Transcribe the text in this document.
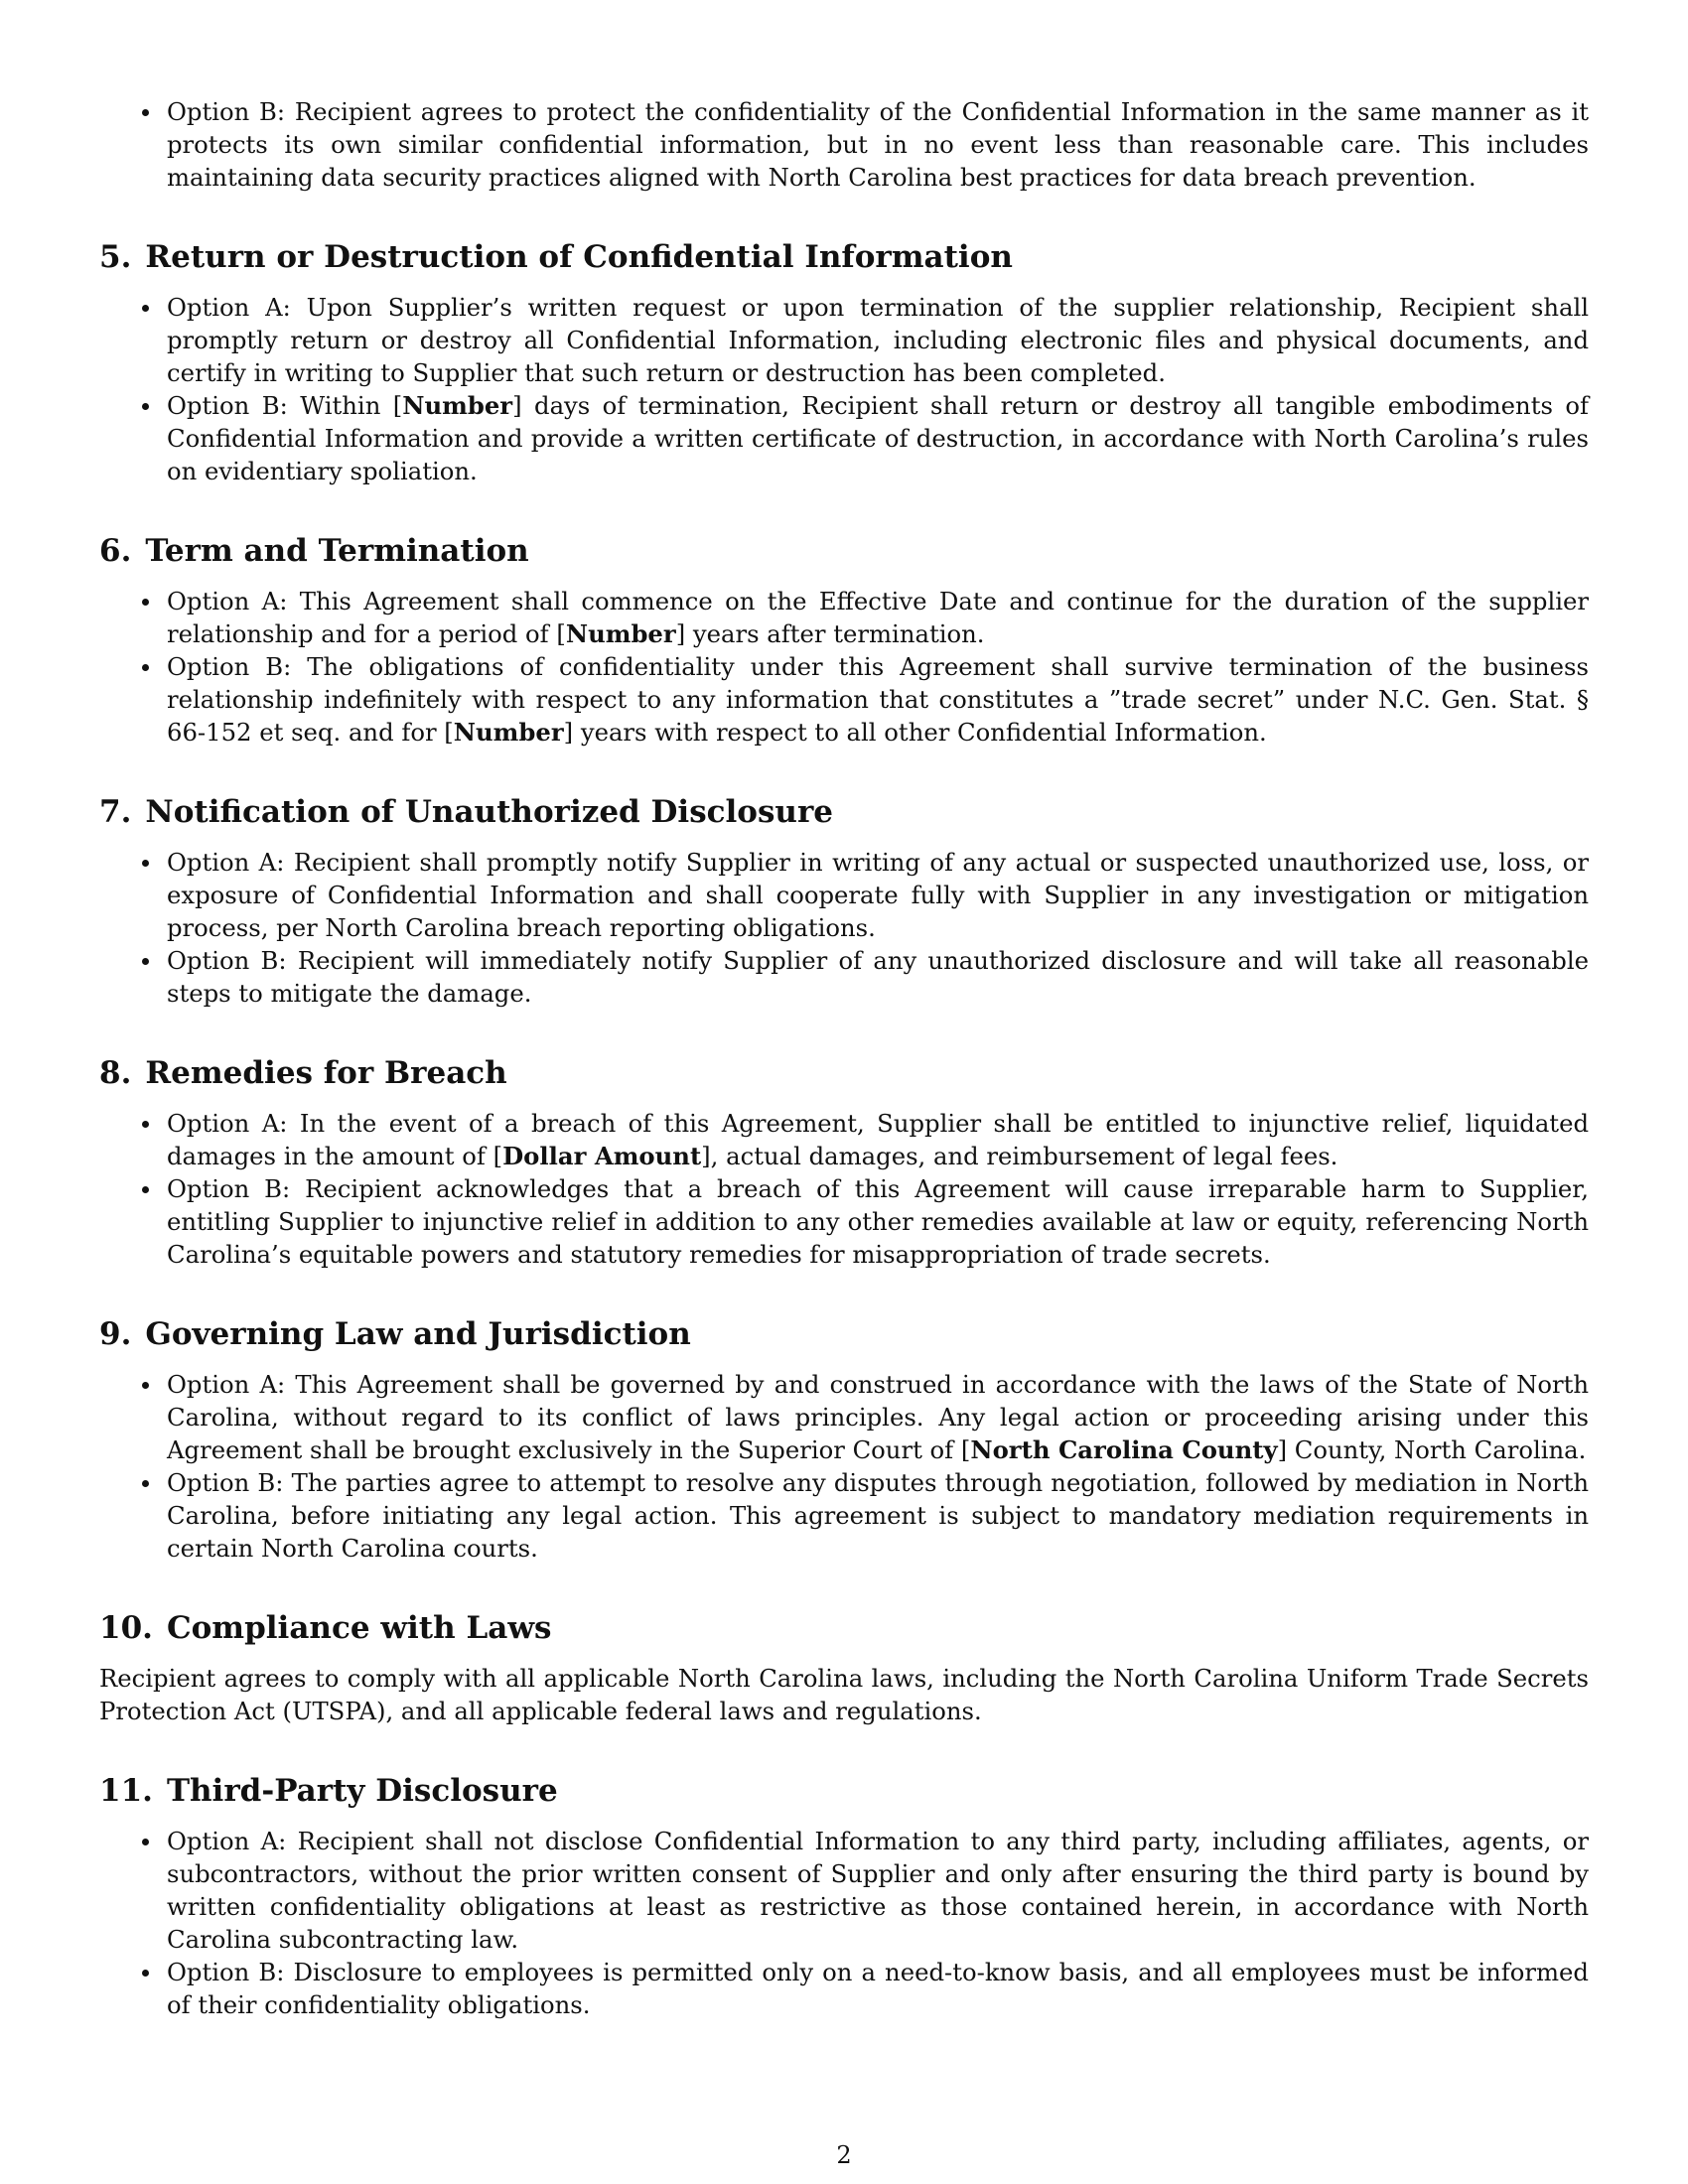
Option B: Recipient agrees to protect the confidentiality of the Confidential Information in the same manner as it protects its own similar confidential information, but in no event less than reasonable care. This includes maintaining data security practices aligned with North Carolina best practices for data breach prevention.
5. Return or Destruction of Confidential Information
Option A: Upon Supplier’s written request or upon termination of the supplier relationship, Recipient shall promptly return or destroy all Confidential Information, including electronic files and physical documents, and certify in writing to Supplier that such return or destruction has been completed.
Option B: Within [Number] days of termination, Recipient shall return or destroy all tangible embodiments of Confidential Information and provide a written certificate of destruction, in accordance with North Carolina’s rules on evidentiary spoliation.
6. Term and Termination
Option A: This Agreement shall commence on the Effective Date and continue for the duration of the supplier relationship and for a period of [Number] years after termination.
Option B: The obligations of confidentiality under this Agreement shall survive termination of the business relationship indefinitely with respect to any information that constitutes a ”trade secret” under N.C. Gen. Stat. § 66-152 et seq. and for [Number] years with respect to all other Confidential Information.
7. Notification of Unauthorized Disclosure
Option A: Recipient shall promptly notify Supplier in writing of any actual or suspected unauthorized use, loss, or exposure of Confidential Information and shall cooperate fully with Supplier in any investigation or mitigation process, per North Carolina breach reporting obligations.
Option B: Recipient will immediately notify Supplier of any unauthorized disclosure and will take all reasonable steps to mitigate the damage.
8. Remedies for Breach
Option A: In the event of a breach of this Agreement, Supplier shall be entitled to injunctive relief, liquidated damages in the amount of [Dollar Amount], actual damages, and reimbursement of legal fees.
Option B: Recipient acknowledges that a breach of this Agreement will cause irreparable harm to Supplier, entitling Supplier to injunctive relief in addition to any other remedies available at law or equity, referencing North Carolina’s equitable powers and statutory remedies for misappropriation of trade secrets.
9. Governing Law and Jurisdiction
Option A: This Agreement shall be governed by and construed in accordance with the laws of the State of North Carolina, without regard to its conflict of laws principles. Any legal action or proceeding arising under this Agreement shall be brought exclusively in the Superior Court of [North Carolina County] County, North Carolina.
Option B: The parties agree to attempt to resolve any disputes through negotiation, followed by mediation in North Carolina, before initiating any legal action. This agreement is subject to mandatory mediation requirements in certain North Carolina courts.
10. Compliance with Laws

Recipient agrees to comply with all applicable North Carolina laws, including the North Carolina Uniform Trade Secrets Protection Act (UTSPA), and all applicable federal laws and regulations.

11. Third-Party Disclosure
Option A: Recipient shall not disclose Confidential Information to any third party, including affiliates, agents, or subcontractors, without the prior written consent of Supplier and only after ensuring the third party is bound by written confidentiality obligations at least as restrictive as those contained herein, in accordance with North Carolina subcontracting law.
Option B: Disclosure to employees is permitted only on a need-to-know basis, and all employees must be informed of their confidentiality obligations.
2
